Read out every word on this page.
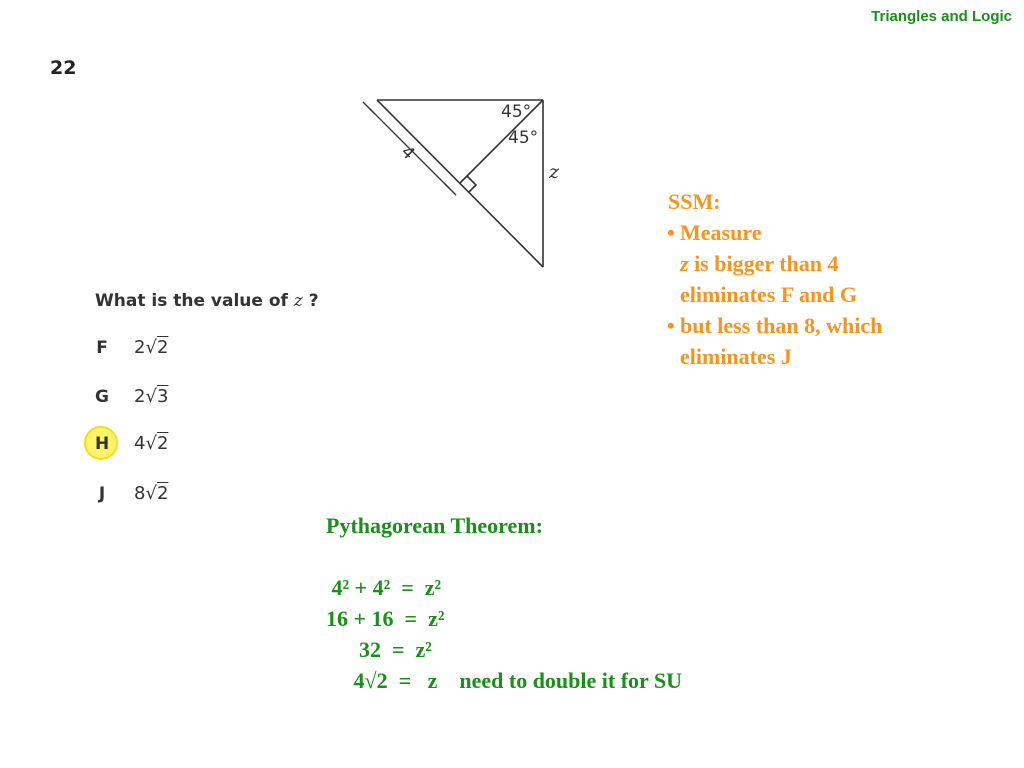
Triangles and Logic
22
45°
45°
4
z
What is the value of z ?
F 2√2
G 2√3
H 4√2
J 8√2
SSM:
• Measure
z is bigger than 4
eliminates F and G
• but less than 8, which
eliminates J
Pythagorean Theorem:
4² + 4²  =  z²
16 + 16  =  z²
32  =  z²
4√2  =   z    need to double it for SU
